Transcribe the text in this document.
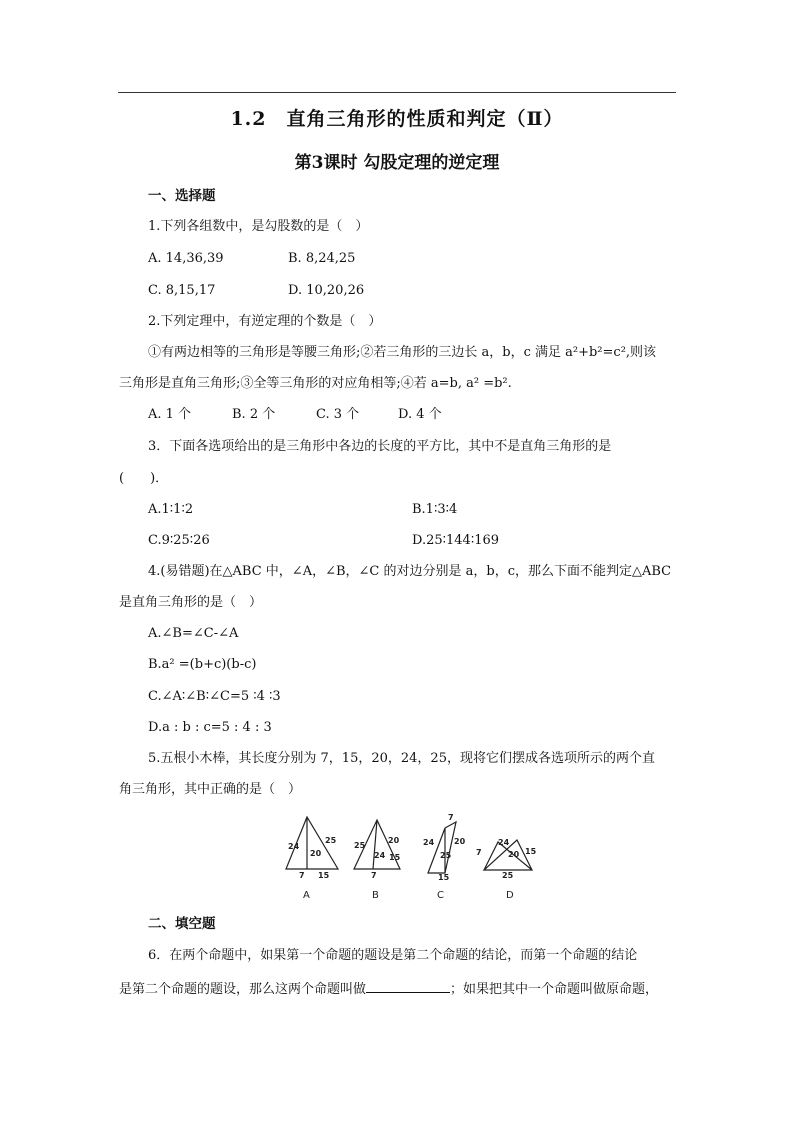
1.2　直角三角形的性质和判定（Ⅱ）
第3课时 勾股定理的逆定理
一、选择题
1.下列各组数中，是勾股数的是（　）
A. 14,36,39	B. 8,24,25
C. 8,15,17	D. 10,20,26
2.下列定理中，有逆定理的个数是（　）
①有两边相等的三角形是等腰三角形;②若三角形的三边长 a，b，c 满足 a²+b²=c²,则该
三角形是直角三角形;③全等三角形的对应角相等;④若 a=b, a² =b².
A. 1 个	B. 2 个	C. 3 个	D. 4 个
3．下面各选项给出的是三角形中各边的长度的平方比，其中不是直角三角形的是
(　　)．
A.1∶1∶2	B.1∶3∶4
C.9∶25∶26	D.25∶144∶169
4.(易错题)在△ABC 中，∠A，∠B，∠C 的对边分别是 a，b，c，那么下面不能判定△ABC
是直角三角形的是（　）
A.∠B=∠C-∠A
B.a² =(b+c)(b-c)
C.∠A∶∠B∶∠C=5 ∶4 ∶3
D.a : b : c=5 : 4 : 3
5.五根小木棒，其长度分别为 7，15，20，24，25，现将它们摆成各选项所示的两个直
角三角形，其中正确的是（　）
24
20
25
7 15
25
20
24 15
7
7
20
24
25
15
7
24
20 15
25
A	B	C	D
二、填空题
6．在两个命题中，如果第一个命题的题设是第二个命题的结论，而第一个命题的结论
是第二个命题的题设，那么这两个命题叫做	；如果把其中一个命题叫做原命题，
